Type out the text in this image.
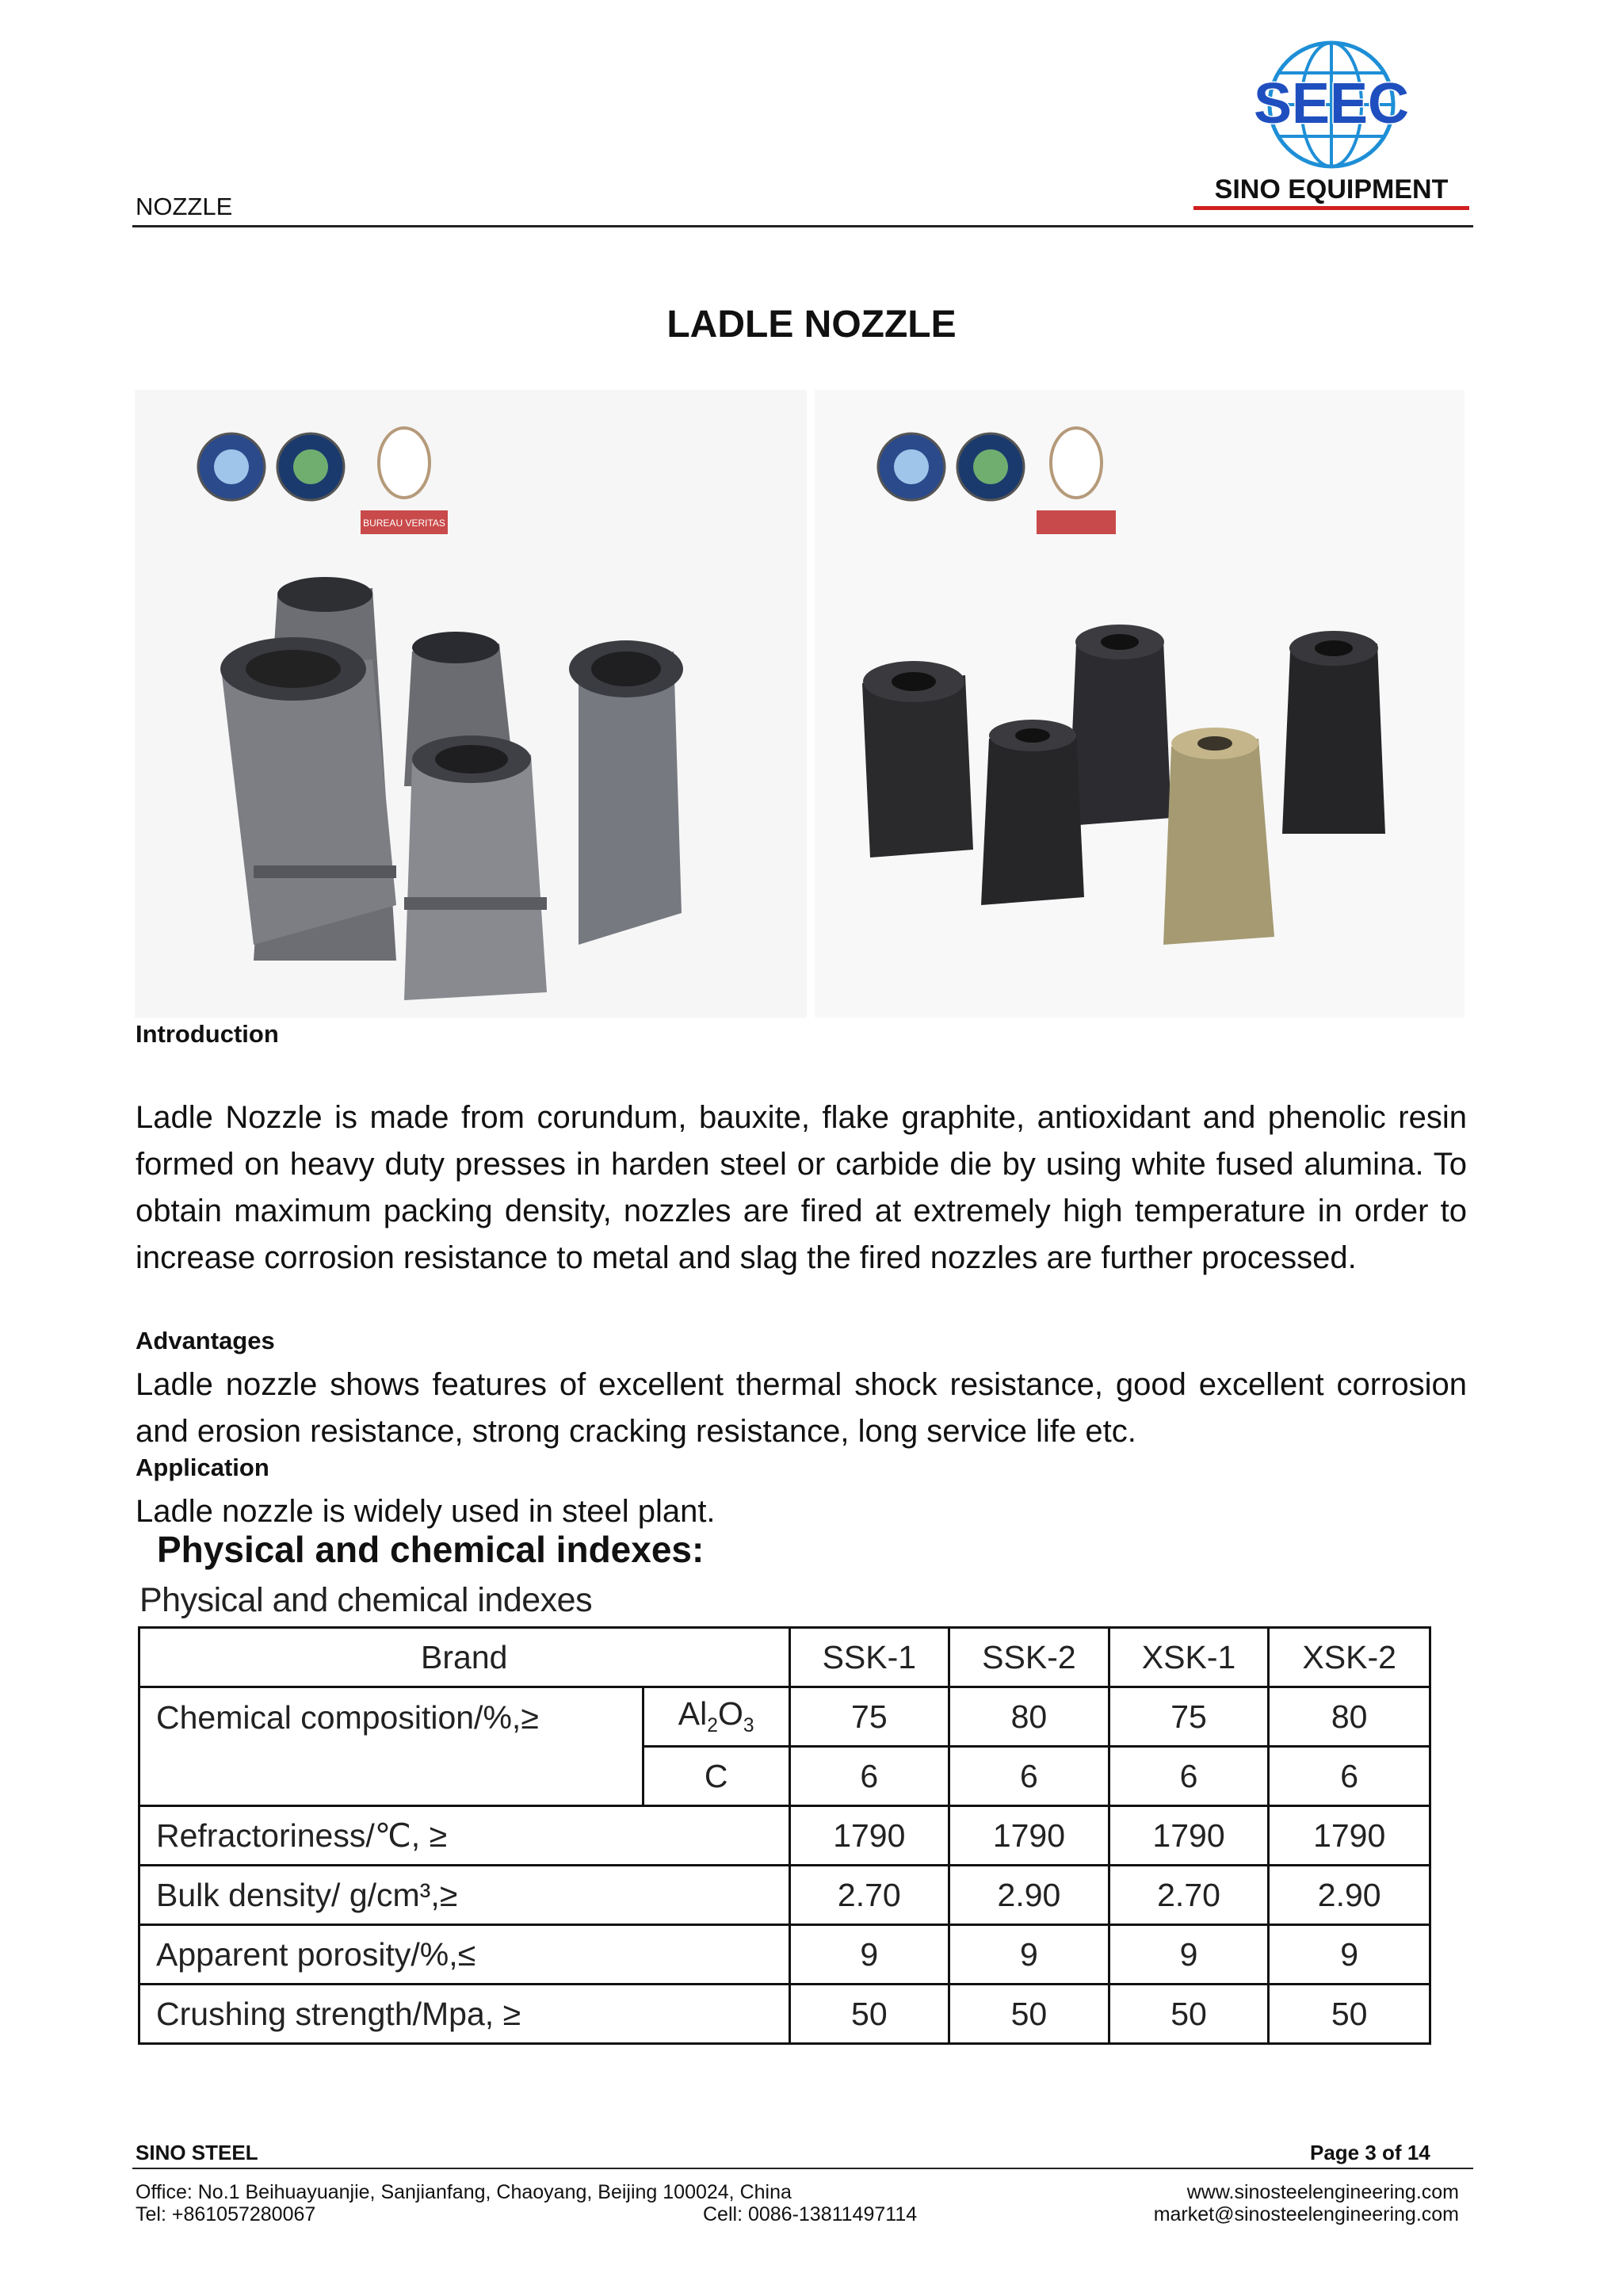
NOZZLE
SEEC
SINO EQUIPMENT
LADLE NOZZLE
BUREAU VERITAS
Introduction

Ladle Nozzle is made from corundum, bauxite, flake graphite, antioxidant and phenolic resin formed on heavy duty presses in harden steel or carbide die by using white fused alumina. To obtain maximum packing density, nozzles are fired at extremely high temperature in order to increase corrosion resistance to metal and slag the fired nozzles are further processed.

Advantages

Ladle nozzle shows features of excellent thermal shock resistance, good excellent corrosion and erosion resistance, strong cracking resistance, long service life etc.

Application

Ladle nozzle is widely used in steel plant.

Physical and chemical indexes:
Physical and chemical indexes
Brand		SSK-1	SSK-2	XSK-1	XSK-2
Chemical composition/%,≥	$Al_2O_3$	75	80	75	80
	C	6	6	6	6
Refractoriness/℃, ≥		1790	1790	1790	1790
Bulk density/ g/cm³,≥		2.70	2.90	2.70	2.90
Apparent porosity/%,≤		9	9	9	9
Crushing strength/Mpa, ≥		50	50	50	50
SINO STEEL	Page 3 of 14
Office: No.1 Beihuayuanjie, Sanjianfang, Chaoyang, Beijing 100024, China
Tel: +861057280067	Cell: 0086-13811497114
www.sinosteelengineering.com
market@sinosteelengineering.com
